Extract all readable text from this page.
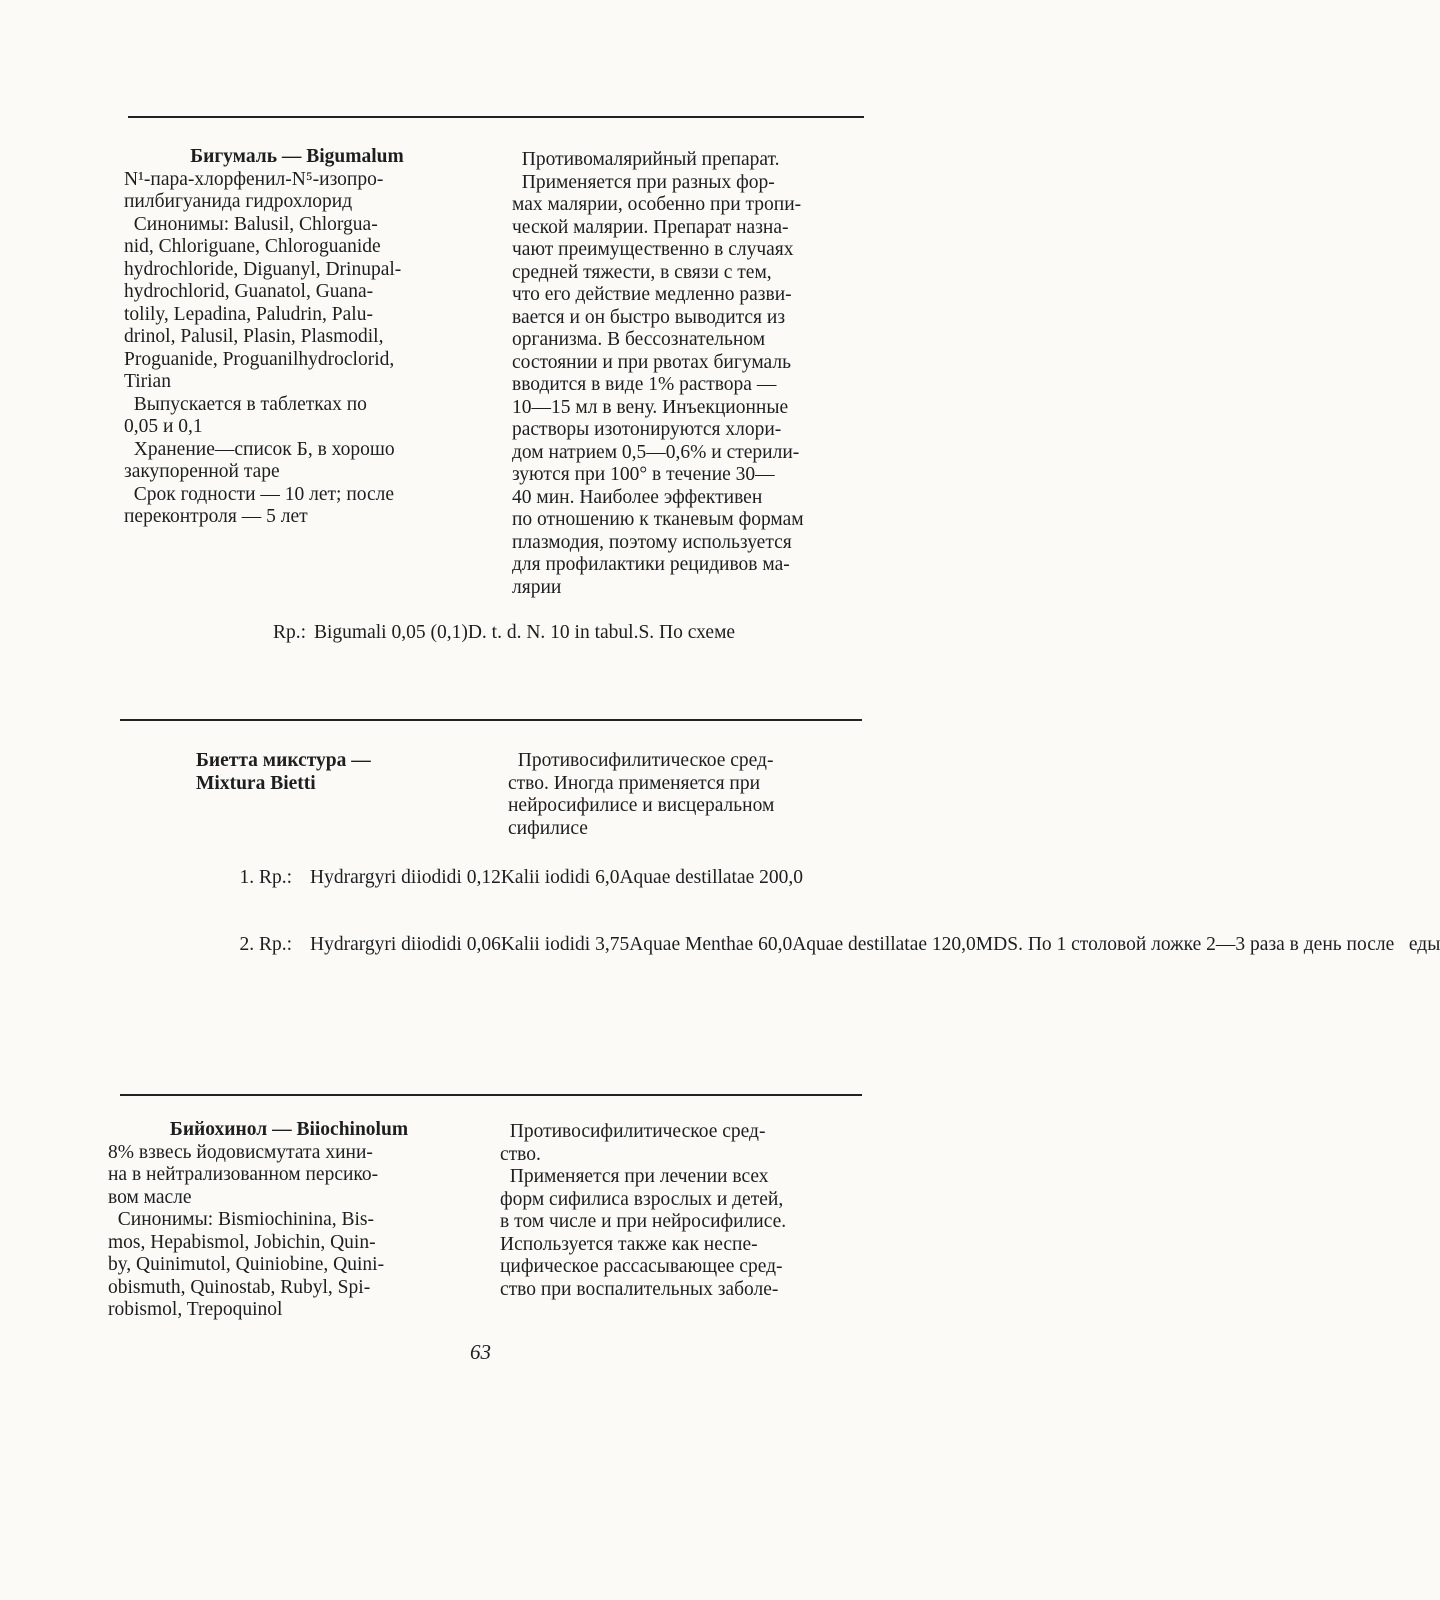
Бигумаль — Bigumalum
N¹-пара-хлорфенил-N⁵-изопро-
пилбигуанида гидрохлорид
Синонимы: Balusil, Chlorgua-
nid, Chloriguane, Chloroguanide
hydrochloride, Diguanyl, Drinupal-
hydrochlorid, Guanatol, Guana-
tolily, Lepadina, Paludrin, Palu-
drinol, Palusil, Plasin, Plasmodil,
Proguanide, Proguanilhydroclorid,
Tirian
Выпускается в таблетках по
0,05 и 0,1
Хранение—список Б, в хорошо
закупоренной таре
Срок годности — 10 лет; после
переконтроля — 5 лет
Противомалярийный препарат.
Применяется при разных фор-
мах малярии, особенно при тропи-
ческой малярии. Препарат назна-
чают преимущественно в случаях
средней тяжести, в связи с тем,
что его действие медленно разви-
вается и он быстро выводится из
организма. В бессознательном
состоянии и при рвотах бигумаль
вводится в виде 1% раствора —
10—15 мл в вену. Инъекционные
растворы изотонируются хлори-
дом натрием 0,5—0,6% и стерили-
зуются при 100° в течение 30—
40 мин. Наиболее эффективен
по отношению к тканевым формам
плазмодия, поэтому используется
для профилактики рецидивов ма-
лярии

Rp.:

Bigumali 0,05 (0,1)D. t. d. N. 10 in tabul.S. По схеме

Биетта микстура —
Mixtura Bietti
Противосифилитическое сред-
ство. Иногда применяется при
нейросифилисе и висцеральном
сифилисе

1. Rp.:

Hydrargyri diiodidi 0,12Kalii iodidi 6,0Aquae destillatae 200,0

2. Rp.:

Hydrargyri diiodidi 0,06Kalii iodidi 3,75Aquae Menthae 60,0Aquae destillatae 120,0MDS. По 1 столовой ложке 2—3 раза в день после   еды

Бийохинол — Biiochinolum
8% взвесь йодовисмутата хини-
на в нейтрализованном персико-
вом масле
Синонимы: Bismiochinina, Bis-
mos, Hepabismol, Jobichin, Quin-
by, Quinimutol, Quiniobine, Quini-
obismuth, Quinostab, Rubyl, Spi-
robismol, Trepoquinol
Противосифилитическое сред-
ство.
Применяется при лечении всех
форм сифилиса взрослых и детей,
в том числе и при нейросифилисе.
Используется также как неспе-
цифическое рассасывающее сред-
ство при воспалительных заболе-
63
